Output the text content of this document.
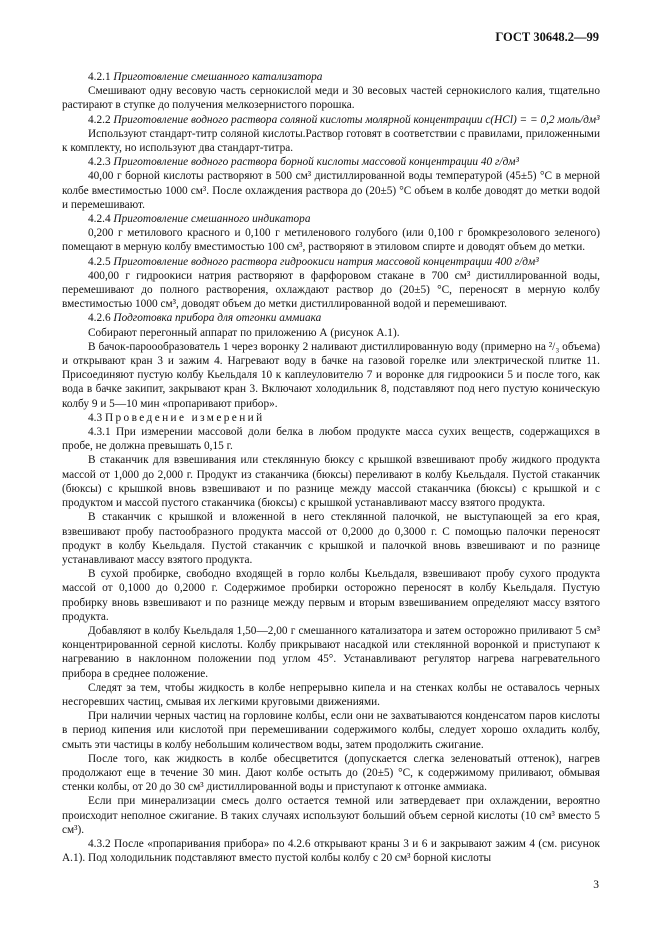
ГОСТ 30648.2—99

4.2.1 Приготовление смешанного катализатора

Смешивают одну весовую часть сернокислой меди и 30 весовых частей сернокислого калия, тщательно растирают в ступке до получения мелкозернистого порошка.

4.2.2 Приготовление водного раствора соляной кислоты молярной концентрации c(HCl) = = 0,2 моль/дм³

Используют стандарт-титр соляной кислоты.Раствор готовят в соответствии с правилами, приложенными к комплекту, но используют два стандарт-титра.

4.2.3 Приготовление водного раствора борной кислоты массовой концентрации 40 г/дм³

40,00 г борной кислоты растворяют в 500 см³ дистиллированной воды температурой (45±5) °С в мерной колбе вместимостью 1000 см³. После охлаждения раствора до (20±5) °С объем в колбе доводят до метки водой и перемешивают.

4.2.4 Приготовление смешанного индикатора

0,200 г метилового красного и 0,100 г метиленового голубого (или 0,100 г бромкрезолового зеленого) помещают в мерную колбу вместимостью 100 см³, растворяют в этиловом спирте и доводят объем до метки.

4.2.5 Приготовление водного раствора гидроокиси натрия массовой концентрации 400 г/дм³

400,00 г гидроокиси натрия растворяют в фарфоровом стакане в 700 см³ дистиллированной воды, перемешивают до полного растворения, охлаждают раствор до (20±5) °С, переносят в мерную колбу вместимостью 1000 см³, доводят объем до метки дистиллированной водой и перемешивают.

4.2.6 Подготовка прибора для отгонки аммиака

Собирают перегонный аппарат по приложению А (рисунок А.1).

В бачок-пароообразователь 1 через воронку 2 наливают дистиллированную воду (примерно на ²/₃ объема) и открывают кран 3 и зажим 4. Нагревают воду в бачке на газовой горелке или электрической плитке 11. Присоединяют пустую колбу Кьельдаля 10 к каплеуловителю 7 и воронке для гидроокиси 5 и после того, как вода в бачке закипит, закрывают кран 3. Включают холодильник 8, подставляют под него пустую коническую колбу 9 и 5—10 мин «пропаривают прибор».

4.3 Проведение измерений

4.3.1 При измерении массовой доли белка в любом продукте масса сухих веществ, содержащихся в пробе, не должна превышать 0,15 г.

В стаканчик для взвешивания или стеклянную бюксу с крышкой взвешивают пробу жидкого продукта массой от 1,000 до 2,000 г. Продукт из стаканчика (бюксы) переливают в колбу Кьельдаля. Пустой стаканчик (бюксы) с крышкой вновь взвешивают и по разнице между массой стаканчика (бюксы) с крышкой и с продуктом и массой пустого стаканчика (бюксы) с крышкой устанавливают массу взятого продукта.

В стаканчик с крышкой и вложенной в него стеклянной палочкой, не выступающей за его края, взвешивают пробу пастообразного продукта массой от 0,2000 до 0,3000 г. С помощью палочки переносят продукт в колбу Кьельдаля. Пустой стаканчик с крышкой и палочкой вновь взвешивают и по разнице устанавливают массу взятого продукта.

В сухой пробирке, свободно входящей в горло колбы Кьельдаля, взвешивают пробу сухого продукта массой от 0,1000 до 0,2000 г. Содержимое пробирки осторожно переносят в колбу Кьельдаля. Пустую пробирку вновь взвешивают и по разнице между первым и вторым взвешиванием определяют массу взятого продукта.

Добавляют в колбу Кьельдаля 1,50—2,00 г смешанного катализатора и затем осторожно приливают 5 см³ концентрированной серной кислоты. Колбу прикрывают насадкой или стеклянной воронкой и приступают к нагреванию в наклонном положении под углом 45°. Устанавливают регулятор нагрева нагревательного прибора в среднее положение.

Следят за тем, чтобы жидкость в колбе непрерывно кипела и на стенках колбы не оставалось черных несгоревших частиц, смывая их легкими круговыми движениями.

При наличии черных частиц на горловине колбы, если они не захватываются конденсатом паров кислоты в период кипения или кислотой при перемешивании содержимого колбы, следует хорошо охладить колбу, смыть эти частицы в колбу небольшим количеством воды, затем продолжить сжигание.

После того, как жидкость в колбе обесцветится (допускается слегка зеленоватый оттенок), нагрев продолжают еще в течение 30 мин. Дают колбе остыть до (20±5) °С, к содержимому приливают, обмывая стенки колбы, от 20 до 30 см³ дистиллированной воды и приступают к отгонке аммиака.

Если при минерализации смесь долго остается темной или затвердевает при охлаждении, вероятно происходит неполное сжигание. В таких случаях используют больший объем серной кислоты (10 см³ вместо 5 см³).

4.3.2 После «пропаривания прибора» по 4.2.6 открывают краны 3 и 6 и закрывают зажим 4 (см. рисунок А.1). Под холодильник подставляют вместо пустой колбы колбу с 20 см³ борной кислоты

3
